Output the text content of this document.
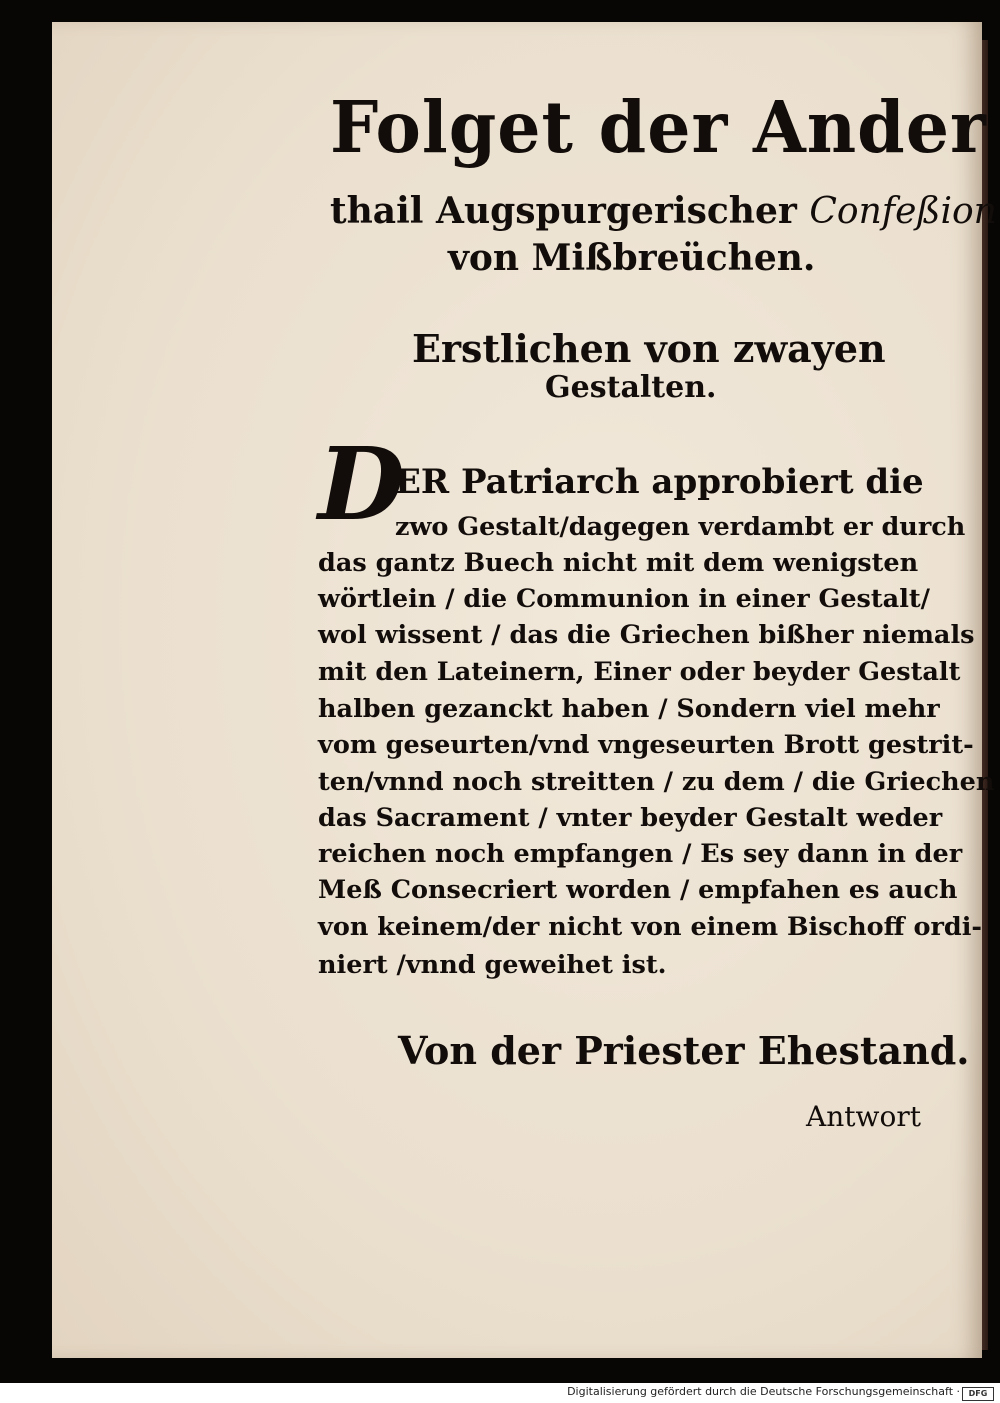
Folget der Ander
thail Augspurgerischer Confeßion
von Mißbreüchen.
Erstlichen von zwayen
Gestalten.
D
ER Patriarch approbiert die
zwo Gestalt/dagegen verdambt er durch
das gantz Buech nicht mit dem wenigsten
wörtlein / die Communion in einer Gestalt/
wol wissent / das die Griechen bißher niemals
mit den Lateinern, Einer oder beyder Gestalt
halben gezanckt haben / Sondern viel mehr
vom geseurten/vnd vngeseurten Brott gestrit-
ten/vnnd noch streitten / zu dem / die Griechen
das Sacrament / vnter beyder Gestalt weder
reichen noch empfangen / Es sey dann in der
Meß Consecriert worden / empfahen es auch
von keinem/der nicht von einem Bischoff ordi-
niert /vnnd geweihet ist.
Von der Priester Ehestand.
Antwort
Digitalisierung gefördert durch die Deutsche Forschungsgemeinschaft ·	DFG
